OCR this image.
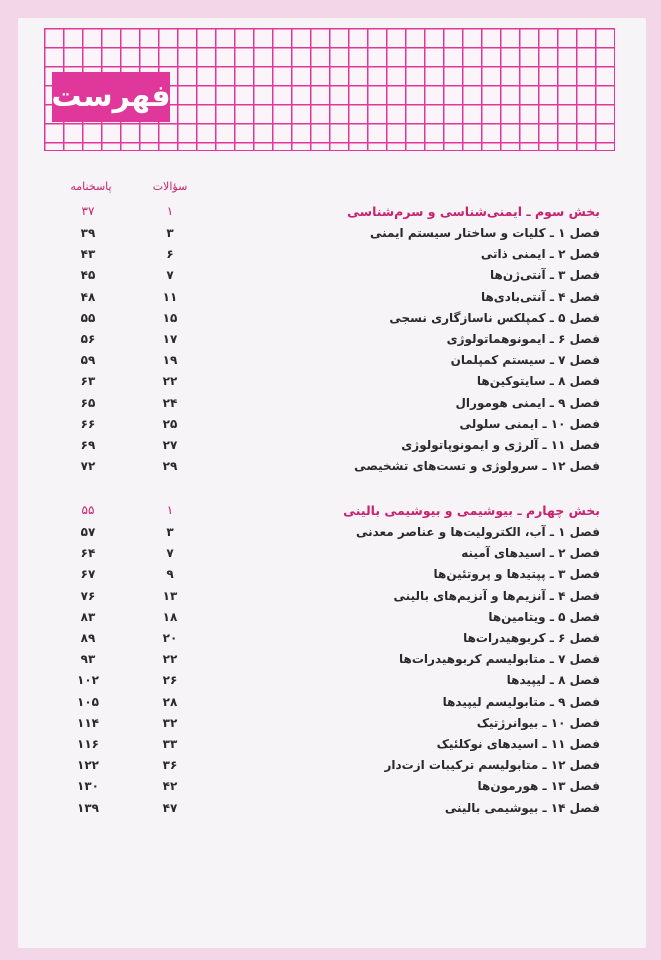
فهرست
سؤالات
پاسخنامه
بخش سوم ـ ایمنی‌شناسی و سرم‌شناسی
۱
۳۷
فصل ۱ ـ کلیات و ساختار سیستم ایمنی
۳
۳۹
فصل ۲ ـ ایمنی ذاتی
۶
۴۳
فصل ۳ ـ آنتی‌ژن‌ها
۷
۴۵
فصل ۴ ـ آنتی‌بادی‌ها
۱۱
۴۸
فصل ۵ ـ کمپلکس ناسازگاری نسجی
۱۵
۵۵
فصل ۶ ـ ایمونوهماتولوژی
۱۷
۵۶
فصل ۷ ـ سیستم کمپلمان
۱۹
۵۹
فصل ۸ ـ سایتوکین‌ها
۲۲
۶۳
فصل ۹ ـ ایمنی هومورال
۲۴
۶۵
فصل ۱۰ ـ ایمنی سلولی
۲۵
۶۶
فصل ۱۱ ـ آلرژی و ایمونوپاتولوژی
۲۷
۶۹
فصل ۱۲ ـ سرولوژی و تست‌های تشخیصی
۲۹
۷۲
بخش چهارم ـ بیوشیمی و بیوشیمی بالینی
۱
۵۵
فصل ۱ ـ آب، الکترولیت‌ها و عناصر معدنی
۳
۵۷
فصل ۲ ـ اسیدهای آمینه
۷
۶۴
فصل ۳ ـ پپتیدها و پروتئین‌ها
۹
۶۷
فصل ۴ ـ آنزیم‌ها و آنزیم‌های بالینی
۱۳
۷۶
فصل ۵ ـ ویتامین‌ها
۱۸
۸۳
فصل ۶ ـ کربوهیدرات‌ها
۲۰
۸۹
فصل ۷ ـ متابولیسم کربوهیدرات‌ها
۲۲
۹۳
فصل ۸ ـ لیپیدها
۲۶
۱۰۲
فصل ۹ ـ متابولیسم لیپیدها
۲۸
۱۰۵
فصل ۱۰ ـ بیوانرژتیک
۳۲
۱۱۴
فصل ۱۱ ـ اسیدهای نوکلئیک
۳۳
۱۱۶
فصل ۱۲ ـ متابولیسم ترکیبات ازت‌دار
۳۶
۱۲۲
فصل ۱۳ ـ هورمون‌ها
۴۲
۱۳۰
فصل ۱۴ ـ بیوشیمی بالینی
۴۷
۱۳۹
